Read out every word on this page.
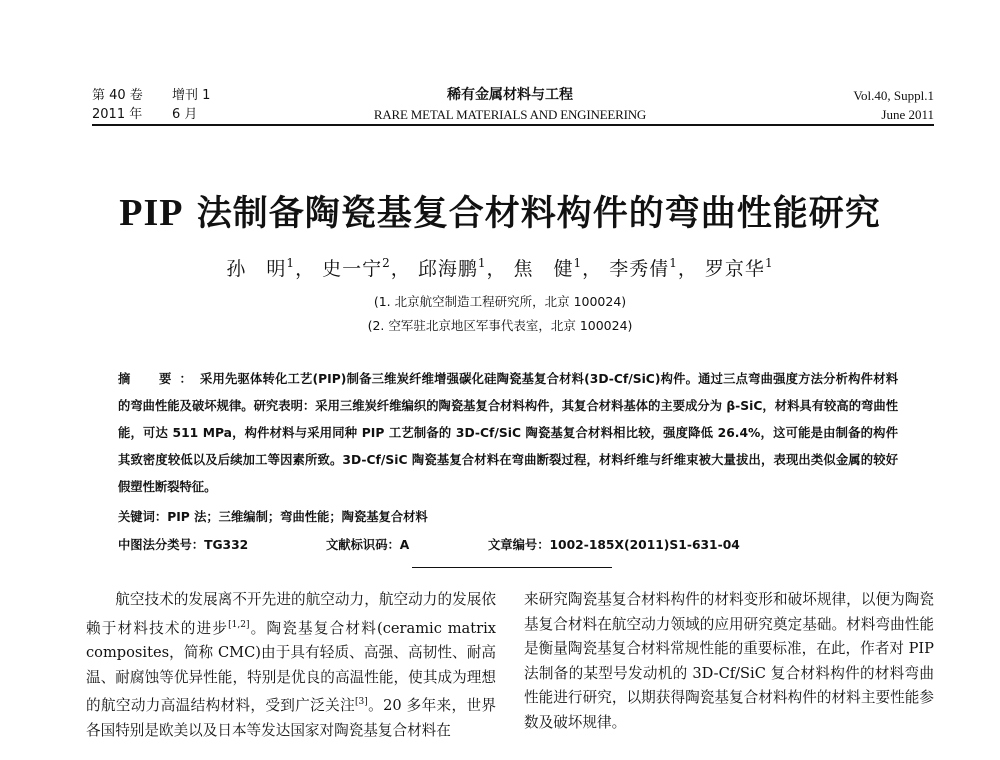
第 40 卷 增刊 1
2011 年 6 月
稀有金属材料与工程
RARE METAL MATERIALS AND ENGINEERING
Vol.40, Suppl.1
June 2011
PIP 法制备陶瓷基复合材料构件的弯曲性能研究
孙　明$^1$， 史一宁$^2$， 邱海鹏$^1$， 焦　健$^1$， 李秀倩$^1$， 罗京华$^1$
(1. 北京航空制造工程研究所，北京 100024)
(2. 空军驻北京地区军事代表室，北京 100024)
摘　要：采用先驱体转化工艺(PIP)制备三维炭纤维增强碳化硅陶瓷基复合材料(3D-Cf/SiC)构件。通过三点弯曲强度方法分析构件材料的弯曲性能及破坏规律。研究表明：采用三维炭纤维编织的陶瓷基复合材料构件，其复合材料基体的主要成分为 β-SiC，材料具有较高的弯曲性能，可达 511 MPa，构件材料与采用同种 PIP 工艺制备的 3D-Cf/SiC 陶瓷基复合材料相比较，强度降低 26.4%，这可能是由制备的构件其致密度较低以及后续加工等因素所致。3D-Cf/SiC 陶瓷基复合材料在弯曲断裂过程，材料纤维与纤维束被大量拔出，表现出类似金属的较好假塑性断裂特征。
关键词：PIP 法；三维编制；弯曲性能；陶瓷基复合材料
中图法分类号：TG332	文献标识码：A	文章编号：1002-185X(2011)S1-631-04

航空技术的发展离不开先进的航空动力，航空动力的发展依赖于材料技术的进步[1,2]。陶瓷基复合材料(ceramic matrix composites，简称 CMC)由于具有轻质、高强、高韧性、耐高温、耐腐蚀等优异性能，特别是优良的高温性能，使其成为理想的航空动力高温结构材料，受到广泛关注[3]。20 多年来，世界各国特别是欧美以及日本等发达国家对陶瓷基复合材料在

来研究陶瓷基复合材料构件的材料变形和破坏规律，以便为陶瓷基复合材料在航空动力领域的应用研究奠定基础。材料弯曲性能是衡量陶瓷基复合材料常规性能的重要标准，在此，作者对 PIP 法制备的某型号发动机的 3D-Cf/SiC 复合材料构件的材料弯曲性能进行研究，以期获得陶瓷基复合材料构件的材料主要性能参数及破坏规律。
